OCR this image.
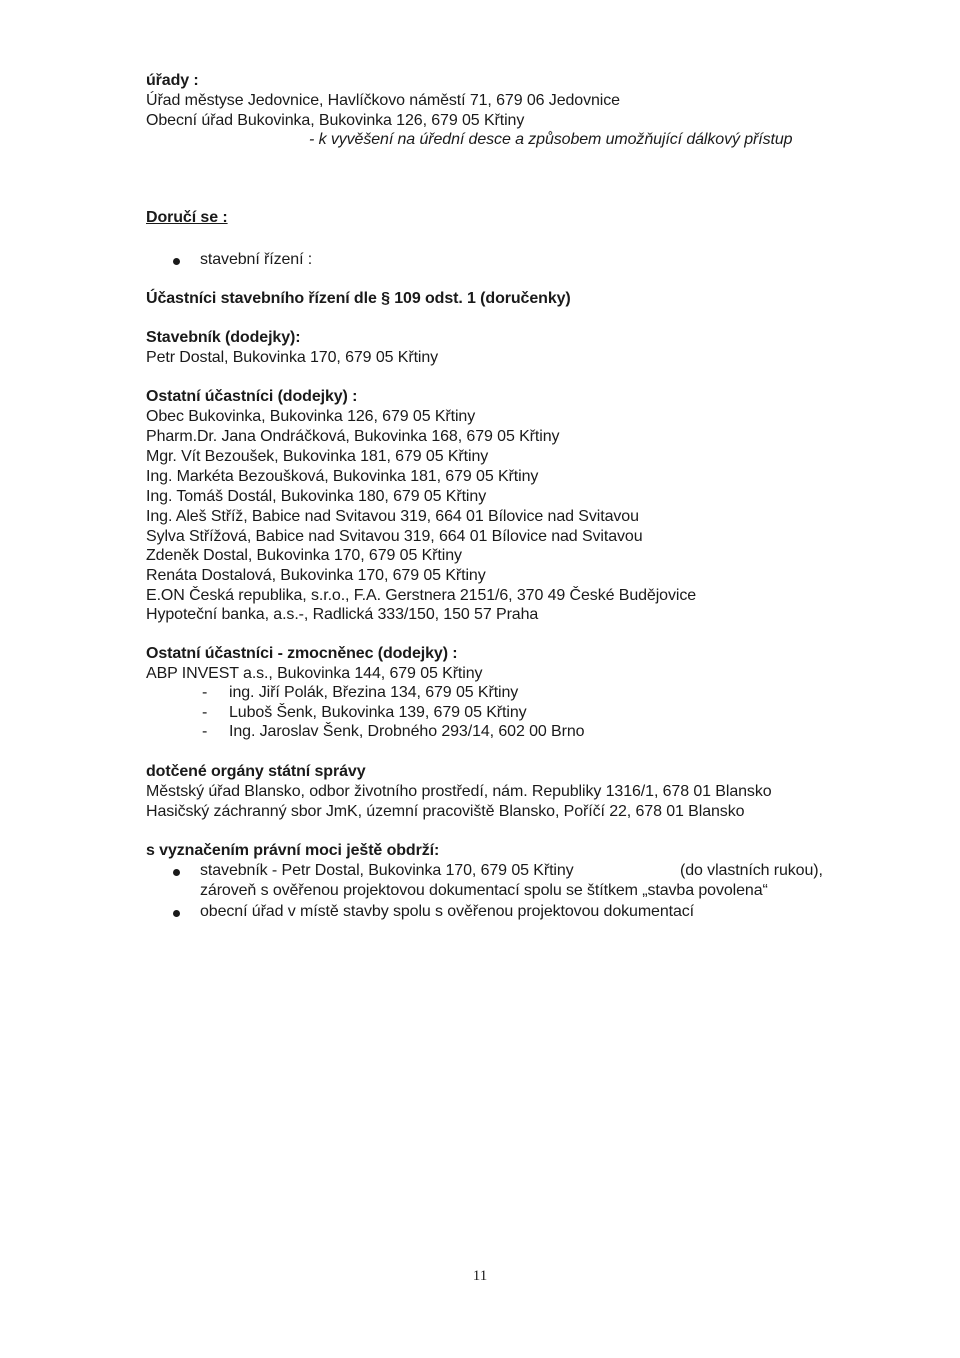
úřady :
Úřad městyse Jedovnice, Havlíčkovo náměstí 71, 679 06 Jedovnice
Obecní úřad Bukovinka, Bukovinka 126, 679 05 Křtiny
- k vyvěšení na úřední desce a způsobem umožňující dálkový přístup
Doručí se :
stavební řízení :
Účastníci stavebního řízení dle § 109 odst. 1 (doručenky)
Stavebník (dodejky):
Petr Dostal, Bukovinka 170, 679 05 Křtiny
Ostatní účastníci (dodejky) :
Obec Bukovinka, Bukovinka 126, 679 05 Křtiny
Pharm.Dr. Jana Ondráčková, Bukovinka 168, 679 05 Křtiny
Mgr. Vít Bezoušek, Bukovinka 181, 679 05 Křtiny
Ing. Markéta Bezoušková, Bukovinka 181, 679 05 Křtiny
Ing. Tomáš Dostál, Bukovinka 180, 679 05 Křtiny
Ing. Aleš Stříž, Babice nad Svitavou 319, 664 01 Bílovice nad Svitavou
Sylva Střížová, Babice nad Svitavou 319, 664 01 Bílovice nad Svitavou
Zdeněk Dostal, Bukovinka 170, 679 05 Křtiny
Renáta Dostalová, Bukovinka 170, 679 05 Křtiny
E.ON Česká republika, s.r.o., F.A. Gerstnera 2151/6, 370 49 České Budějovice
Hypoteční banka, a.s.-, Radlická 333/150, 150 57 Praha
Ostatní účastníci - zmocněnec (dodejky) :
ABP INVEST a.s., Bukovinka 144, 679 05 Křtiny
- ing. Jiří Polák, Březina 134, 679 05 Křtiny
- Luboš Šenk, Bukovinka 139, 679 05 Křtiny
- Ing. Jaroslav Šenk, Drobného 293/14, 602 00 Brno
dotčené orgány státní správy
Městský úřad Blansko, odbor životního prostředí, nám. Republiky 1316/1, 678 01 Blansko
Hasičský záchranný sbor JmK, územní pracoviště Blansko, Poříčí 22, 678 01 Blansko
s vyznačením právní moci ještě obdrží:
stavebník - Petr Dostal, Bukovinka 170, 679 05 Křtiny	(do vlastních rukou),
zároveň s ověřenou projektovou dokumentací spolu se štítkem „stavba povolena“
obecní úřad v místě stavby spolu s ověřenou projektovou dokumentací
11
